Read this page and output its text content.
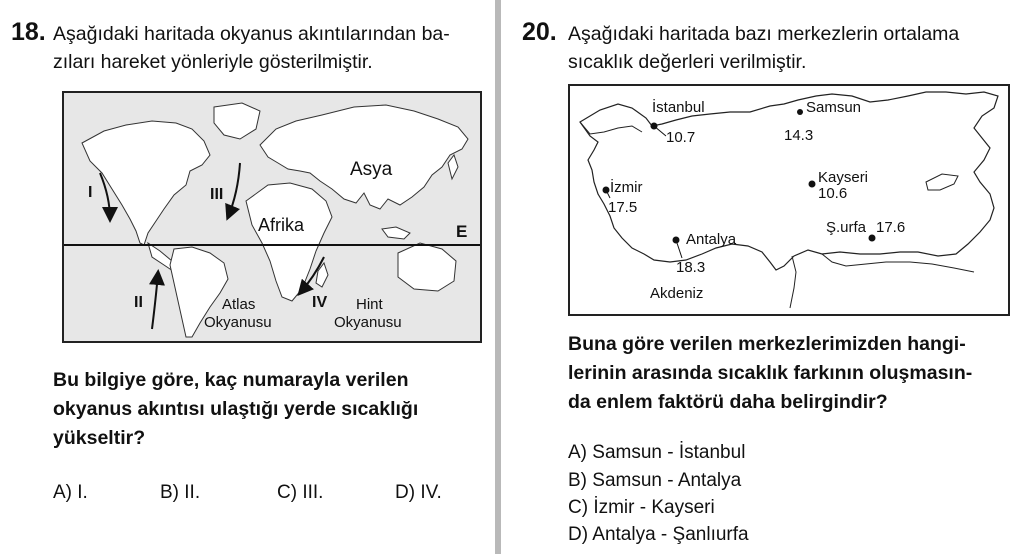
18. Aşağıdaki haritada okyanus akıntılarından ba-
zıları hareket yönleriyle gösterilmiştir.
I
II
III
IV
Asya
Afrika	E
Atlas
Okyanusu
Hint
Okyanusu
Bu bilgiye göre, kaç numarayla verilen
okyanus akıntısı ulaştığı yerde sıcaklığı
yükseltir?
A) I.	B) II.	C) III.	D) IV.
20. Aşağıdaki haritada bazı merkezlerin ortalama
sıcaklık değerleri verilmiştir.
İstanbul
10.7
Samsun
14.3
Kayseri
10.6
İzmir
17.5
Antalya
18.3
Ş.urfa 17.6
Akdeniz
Buna göre verilen merkezlerimizden hangi-
lerinin arasında sıcaklık farkının oluşmasın-
da enlem faktörü daha belirgindir?
A) Samsun - İstanbul
B) Samsun - Antalya
C) İzmir - Kayseri
D) Antalya - Şanlıurfa
